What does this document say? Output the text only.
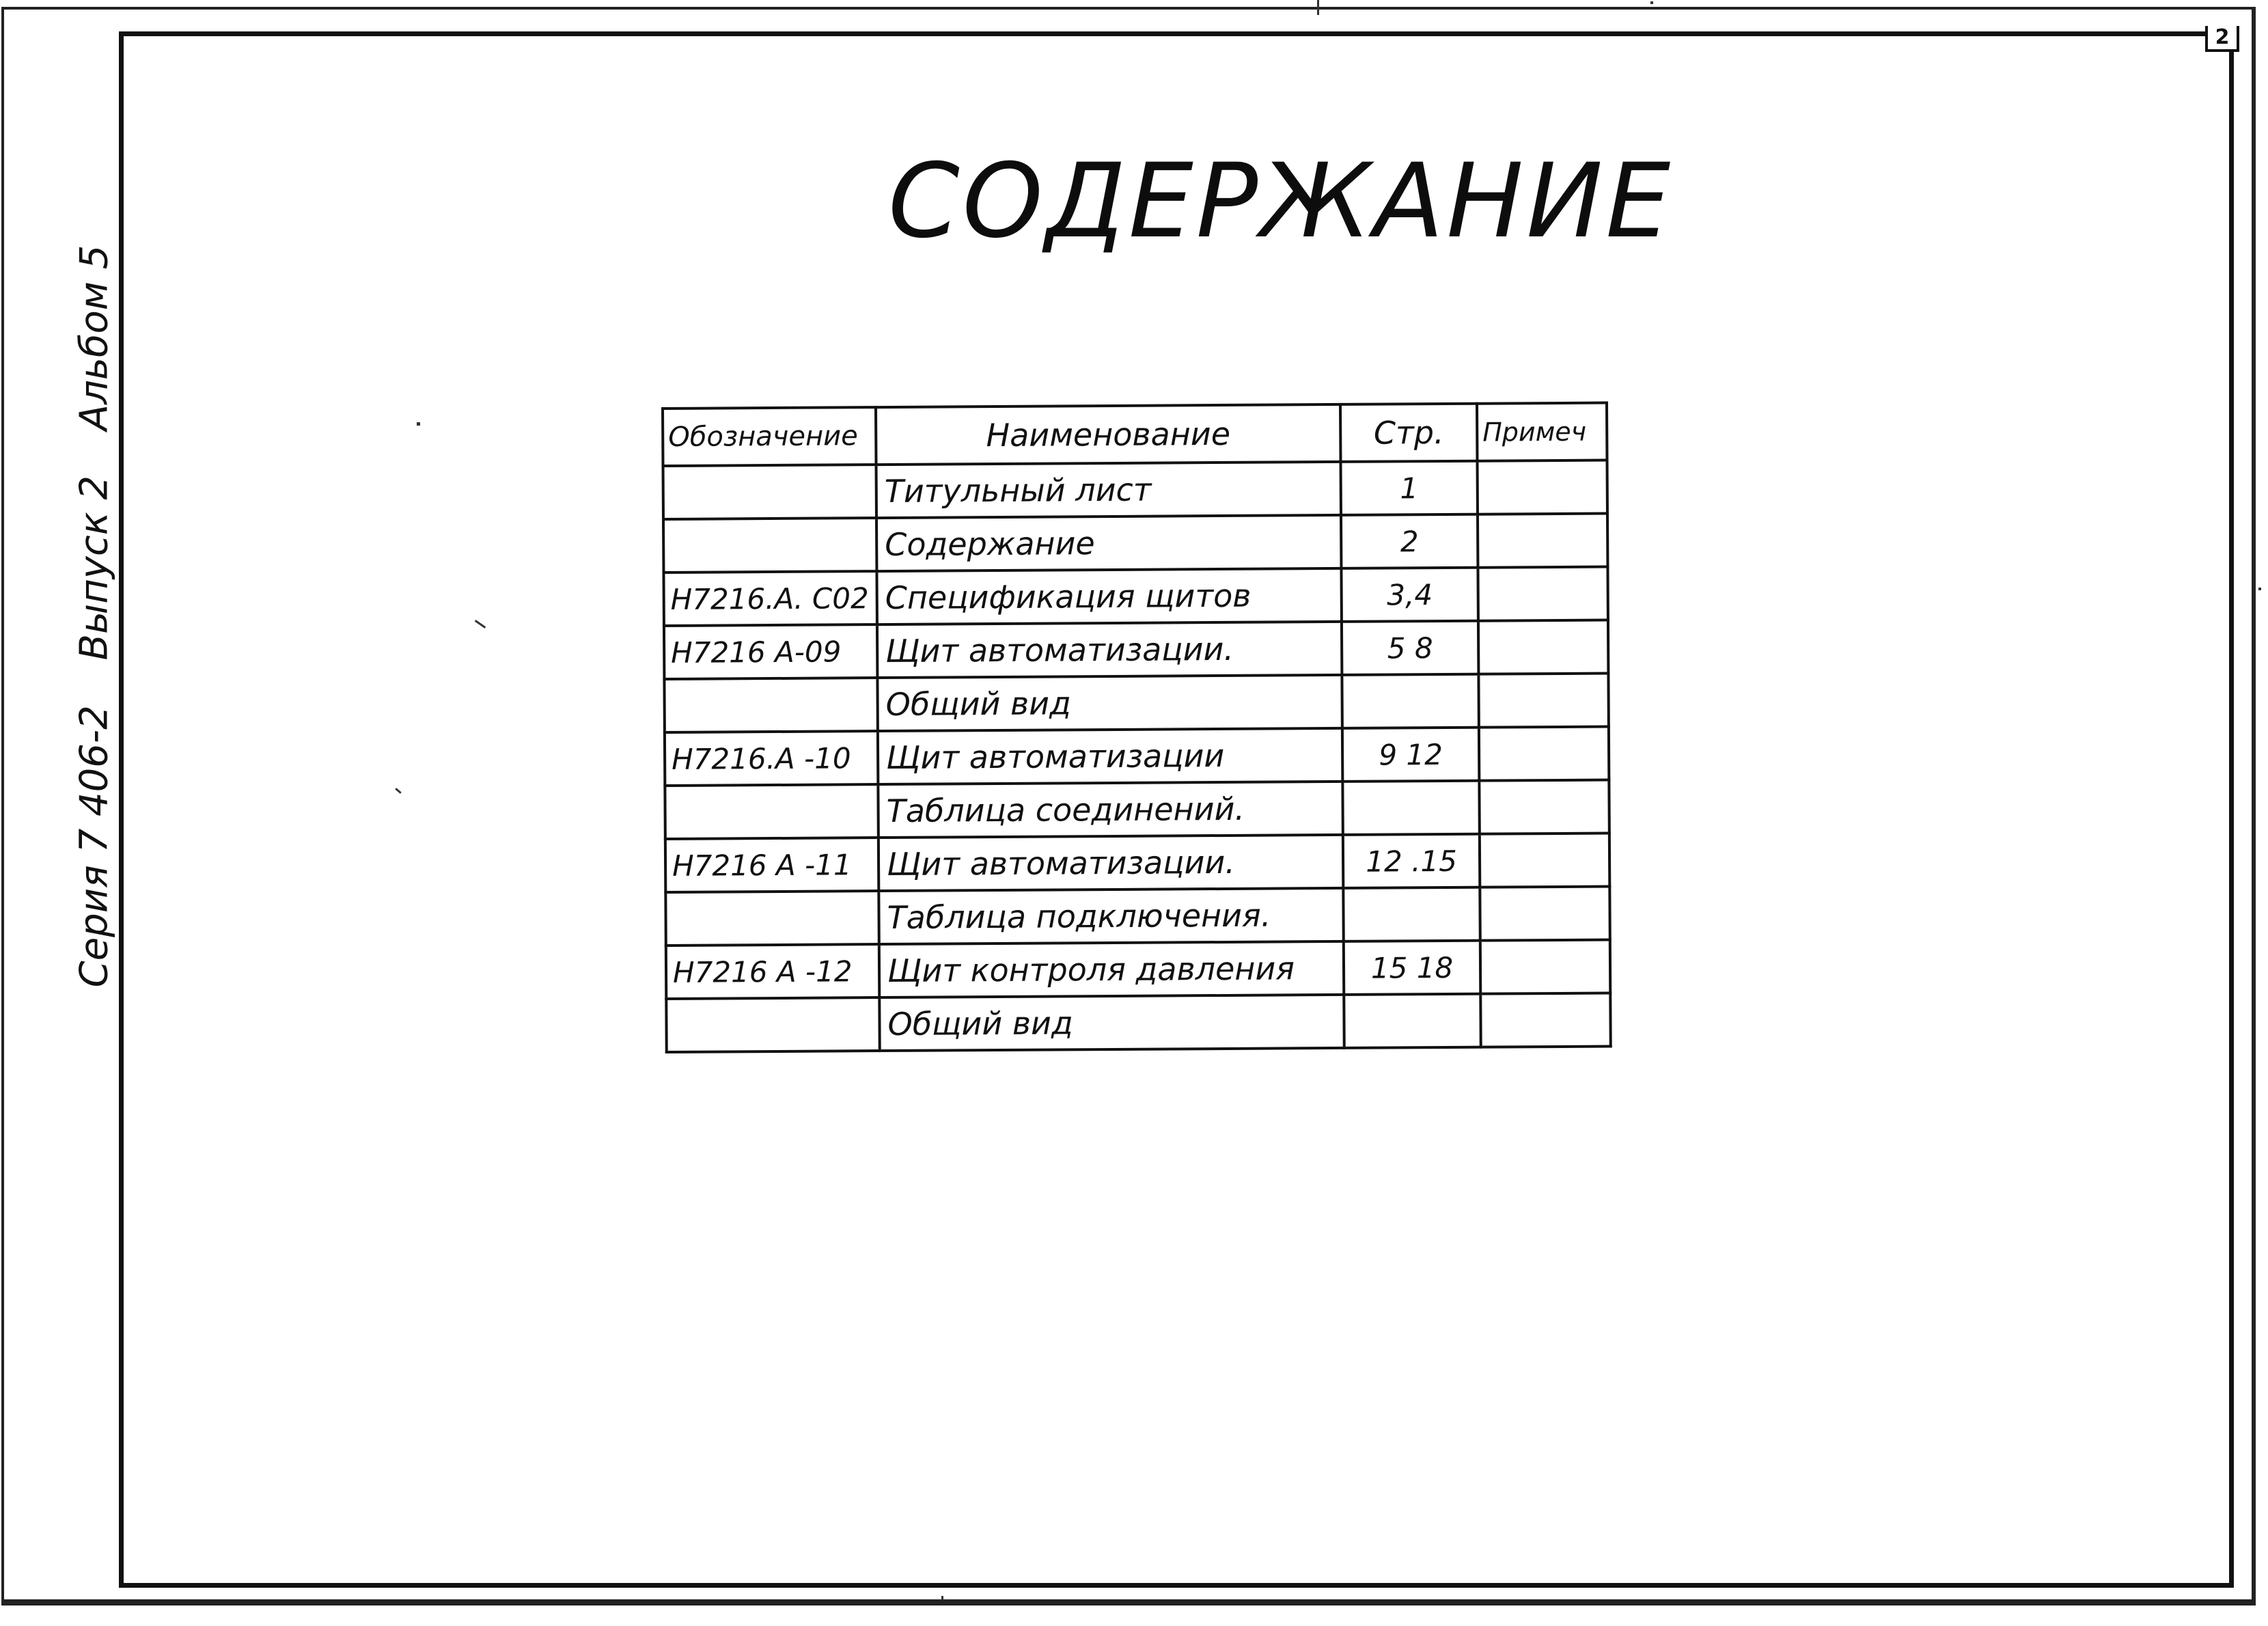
2
Серия 7 406-2 Выпуск 2 Альбом 5
СОДЕРЖАНИЕ
Обозначение	Наименование	Стр.	Примеч
	Титульный лист	1	
	Содержание	2	
Н7216.А. С02	Спецификация щитов	3,4	
Н7216 А-09	Щит автоматизации.	5 8	
	Общий вид		
Н7216.А -10	Щит автоматизации	9 12	
	Таблица соединений.		
Н7216 А -11	Щит автоматизации.	12 .15	
	Таблица подключения.		
Н7216 А -12	Щит контроля давления	15 18	
	Общий вид		
